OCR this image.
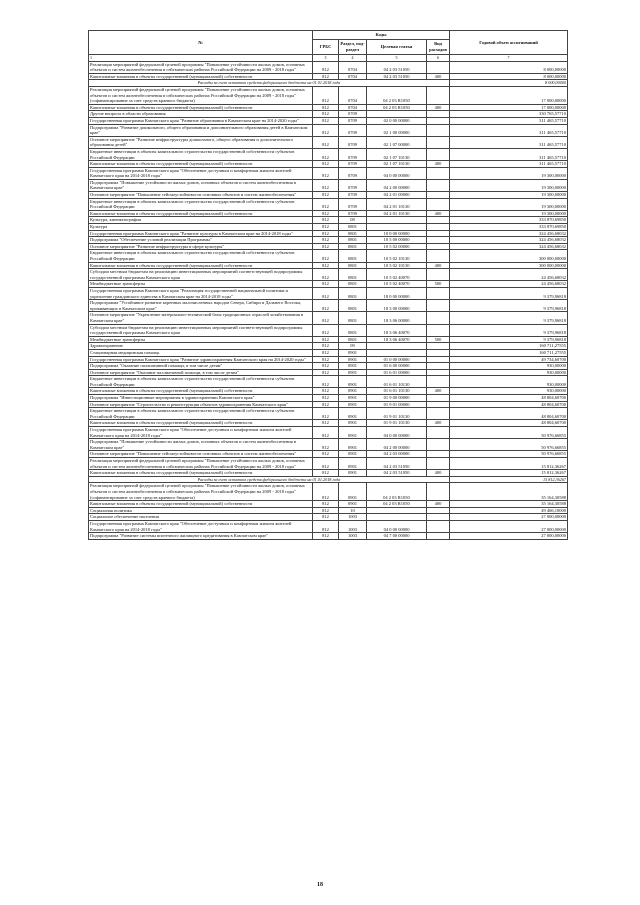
№	Коды				Годовой объем ассигнований
	ГРБС	Раздел, под-раздел	Целевая статья	Вид расходов	
1	3	4	5	6	7
Реализация мероприятий федеральной целевой программы "Повышение устойчивости жилых домов, основных объектов и систем жизнеобеспечения в сейсмических районах Российской Федерации на 2009 - 2018 годы"	812	0704	04 2 03 51050		8 000,00000
Капитальные вложения в объекты государственной (муниципальной) собственности	812	0704	04 2 03 51050	400	8 000,00000
Расходы за счет остатков средств федерального бюджета на 01.01.2018 года					8 000,00000
Реализация мероприятий федеральной целевой программы "Повышение устойчивости жилых домов, основных объектов и систем жизнеобеспечения в сейсмических районах Российской Федерации на 2009 - 2018 годы" (софинансирование за счет средств краевого бюджета)	812	0704	04 2 03 R1050		17 000,00000
Капитальные вложения в объекты государственной (муниципальной) собственности	812	0704	04 2 03 R1050	400	17 000,00000
Другие вопросы в области образования	812	0709			330 765,57710
Государственная программа Камчатского края "Развитие образования в Камчатском крае на 2014-2020 годы"	812	0709	02 0 00 00000		311 465,57710
Подпрограмма "Развитие дошкольного, общего образования и дополнительного образования детей в Камчатском крае"	812	0709	02 1 00 00000		311 465,57710
Основное мероприятие "Развитие инфраструктуры дошкольного, общего образования и дополнительного образования детей"	812	0709	02 1 07 00000		311 465,57710
Бюджетные инвестиции в объекты капитального строительства государственной собственности субъектов Российской Федерации	812	0709	02 1 07 10130		311 465,57710
Капитальные вложения в объекты государственной (муниципальной) собственности	812	0709	02 1 07 10130	400	311 465,57710
Государственная программа Камчатского края "Обеспечение доступным и комфортным жильем жителей Камчатского края на 2014-2018 годы"	812	0709	04 0 00 00000		19 300,00000
Подпрограмма "Повышение устойчивости жилых домов, основных объектов и систем жизнеобеспечения в Камчатском крае"	812	0709	04 2 00 00000		19 300,00000
Основное мероприятие "Повышение сейсмоустойчивости основных объектов и систем жизнеобеспечения"	812	0709	04 2 01 00000		19 300,00000
Бюджетные инвестиции в объекты капитального строительства государственной собственности субъектов Российской Федерации	812	0709	04 2 01 10130		19 300,00000
Капитальные вложения в объекты государственной (муниципальной) собственности	812	0709	04 2 01 10130	400	19 300,00000
Культура, кинематография	812	08			333 870,69850
Культура	812	0801			333 870,69850
Государственная программа Камчатского края "Развитие культуры в Камчатском крае на 2014-2018 годы"	812	0801	10 0 00 00000		324 456,68032
Подпрограмма "Обеспечение условий реализации Программы"	812	0801	10 5 00 00000		324 456,68032
Основное мероприятие "Развитие инфраструктуры в сфере культуры"	812	0801	10 5 02 00000		324 456,68032
Бюджетные инвестиции в объекты капитального строительства государственной собственности субъектов Российской Федерации	812	0801	10 5 02 10130		300 000,00000
Капитальные вложения в объекты государственной (муниципальной) собственности	812	0801	10 5 02 10130	400	300 000,00000
Субсидии местным бюджетам на реализацию инвестиционных мероприятий соответствующей подпрограммы государственной программы Камчатского края	812	0801	10 5 02 40070		24 456,68032
Межбюджетные трансферты	812	0801	10 5 02 40070	500	24 456,68032
Государственная программа Камчатского края "Реализация государственной национальной политики и укрепление гражданского единства в Камчатском крае на 2014-2018 годы"	812	0801	18 0 00 00000		9 379,96818
Подпрограмма "Устойчивое развитие коренных малочисленных народов Севера, Сибири и Дальнего Востока, проживающих в Камчатском крае"	812	0801	18 3 00 00000		9 379,96818
Основное мероприятие "Укрепление материально-технической базы традиционных отраслей хозяйствования в Камчатском крае"	812	0801	18 3 06 00000		9 379,96818
Субсидии местным бюджетам на реализацию инвестиционных мероприятий соответствующей подпрограммы государственной программы Камчатского края	812	0801	18 3 06 40070		9 379,96818
Межбюджетные трансферты	812	0801	18 3 06 40070	500	9 379,96818
Здравоохранение	812	09			160 711,27555
Стационарная медицинская помощь	812	0901			160 711,27555
Государственная программа Камчатского края "Развитие здравоохранения Камчатского края на 2014-2020 годы"	812	0901	01 0 00 00000		49 734,60700
Подпрограмма "Оказание паллиативной помощи, в том числе детям"	812	0901	01 6 00 00000		930,00000
Основное мероприятие "Оказание паллиативной помощи, в том числе детям"	812	0901	01 6 01 00000		930,00000
Бюджетные инвестиции в объекты капитального строительства государственной собственности субъектов Российской Федерации	812	0901	01 6 01 10130		930,00000
Капитальные вложения в объекты государственной (муниципальной) собственности	812	0901	01 6 01 10130	400	930,00000
Подпрограмма "Инвестиционные мероприятия в здравоохранении Камчатского края"	812	0901	01 9 00 00000		48 804,60700
Основное мероприятие "Строительство и реконструкция объектов здравоохранения Камчатского края"	812	0901	01 9 01 00000		48 804,60700
Бюджетные инвестиции в объекты капитального строительства государственной собственности субъектов Российской Федерации	812	0901	01 9 01 10130		48 804,60700
Капитальные вложения в объекты государственной (муниципальной) собственности	812	0901	01 9 01 10130	400	48 804,60700
Государственная программа Камчатского края "Обеспечение доступным и комфортным жильем жителей Камчатского края на 2014-2018 годы"	812	0901	04 0 00 00000		50 976,66855
Подпрограмма "Повышение устойчивости жилых домов, основных объектов и систем жизнеобеспечения в Камчатском крае"	812	0901	04 2 00 00000		50 976,66855
Основное мероприятие "Повышение сейсмоустойчивости основных объектов и систем жизнеобеспечения"	812	0901	04 2 03 00000		50 976,66855
Реализация мероприятий федеральной целевой программы "Повышение устойчивости жилых домов, основных объектов и систем жизнеобеспечения в сейсмических районах Российской Федерации на 2009 - 2018 годы"	812	0901	04 2 03 51050		15 812,36267
Капитальные вложения в объекты государственной (муниципальной) собственности	812	0901	04 2 03 51050	400	15 812,36267
Расходы за счет остатков средств федерального бюджета на 01.01.2018 года					15 812,36267
Реализация мероприятий федеральной целевой программы "Повышение устойчивости жилых домов, основных объектов и систем жизнеобеспечения в сейсмических районах Российской Федерации на 2009 - 2018 годы" (софинансирование за счет средств краевого бюджета)	812	0901	04 2 03 R1050		35 164,30588
Капитальные вложения в объекты государственной (муниципальной) собственности	812	0901	04 2 03 R1050	400	35 164,30588
Социальная политика	812	10			49 466,10000
Социальное обеспечение населения	812	1003			27 000,00000
Государственная программа Камчатского края "Обеспечение доступным и комфортным жильем жителей Камчатского края на 2014-2018 годы"	812	1003	04 0 00 00000		27 000,00000
Подпрограмма "Развитие системы ипотечного жилищного кредитования в Камчатском крае"	812	1003	04 7 00 00000		27 000,00000
18
